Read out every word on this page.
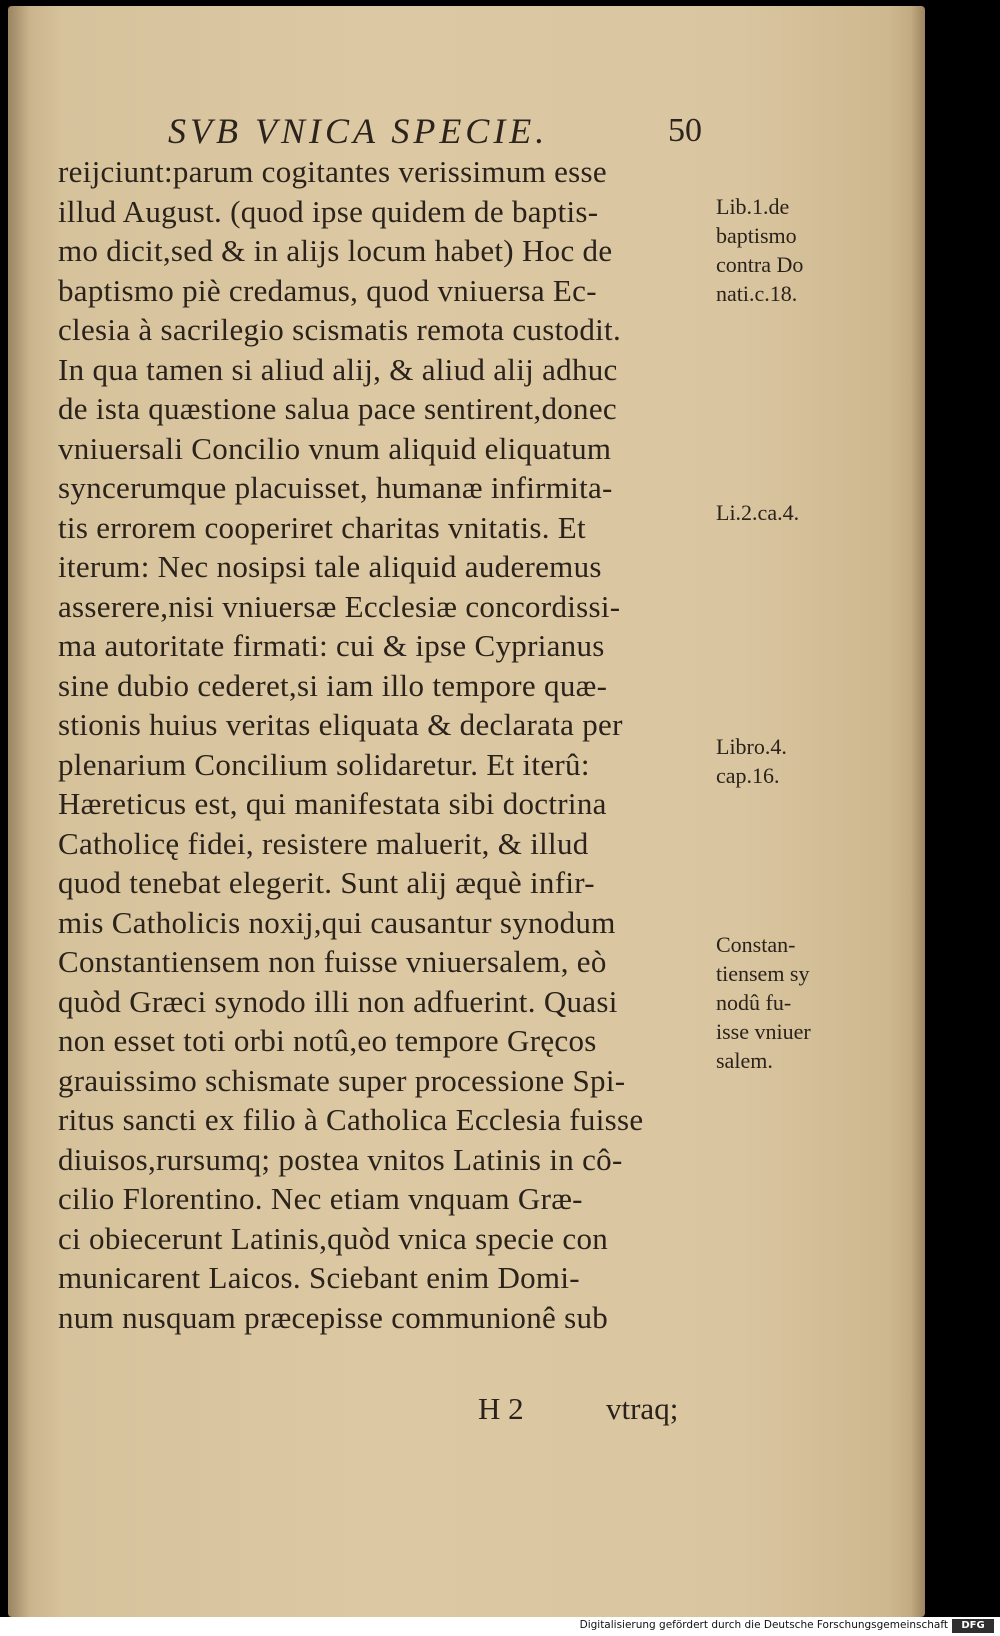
SVB VNICA SPECIE.	50
reijciunt:parum cogitantes verissimum esse
illud August. (quod ipse quidem de baptis-
mo dicit,sed & in alijs locum habet) Hoc de
baptismo piè credamus, quod vniuersa Ec-
clesia à sacrilegio scismatis remota custodit.
In qua tamen si aliud alij, & aliud alij adhuc
de ista quæstione salua pace sentirent,donec
vniuersali Concilio vnum aliquid eliquatum
syncerumque placuisset, humanæ infirmita-
tis errorem cooperiret charitas vnitatis. Et
iterum: Nec nosipsi tale aliquid auderemus
asserere,nisi vniuersæ Ecclesiæ concordissi-
ma autoritate firmati: cui & ipse Cyprianus
sine dubio cederet,si iam illo tempore quæ-
stionis huius veritas eliquata & declarata per
plenarium Concilium solidaretur. Et iterû:
Hæreticus est, qui manifestata sibi doctrina
Catholicę fidei, resistere maluerit, & illud
quod tenebat elegerit. Sunt alij æquè infir-
mis Catholicis noxij,qui causantur synodum
Constantiensem non fuisse vniuersalem, eò
quòd Græci synodo illi non adfuerint. Quasi
non esset toti orbi notû,eo tempore Gręcos
grauissimo schismate super processione Spi-
ritus sancti ex filio à Catholica Ecclesia fuisse
diuisos,rursumq; postea vnitos Latinis in cô-
cilio Florentino. Nec etiam vnquam Græ-
ci obiecerunt Latinis,quòd vnica specie con
municarent Laicos. Sciebant enim Domi-
num nusquam præcepisse communionê sub
Lib.1.de
baptismo
contra Do
nati.c.18.
Li.2.ca.4.
Libro.4.
cap.16.
Constan-
tiensem sy
nodû fu-
isse vniuer
salem.
H 2	vtraq;
Digitalisierung gefördert durch die Deutsche Forschungsgemeinschaft	DFG
